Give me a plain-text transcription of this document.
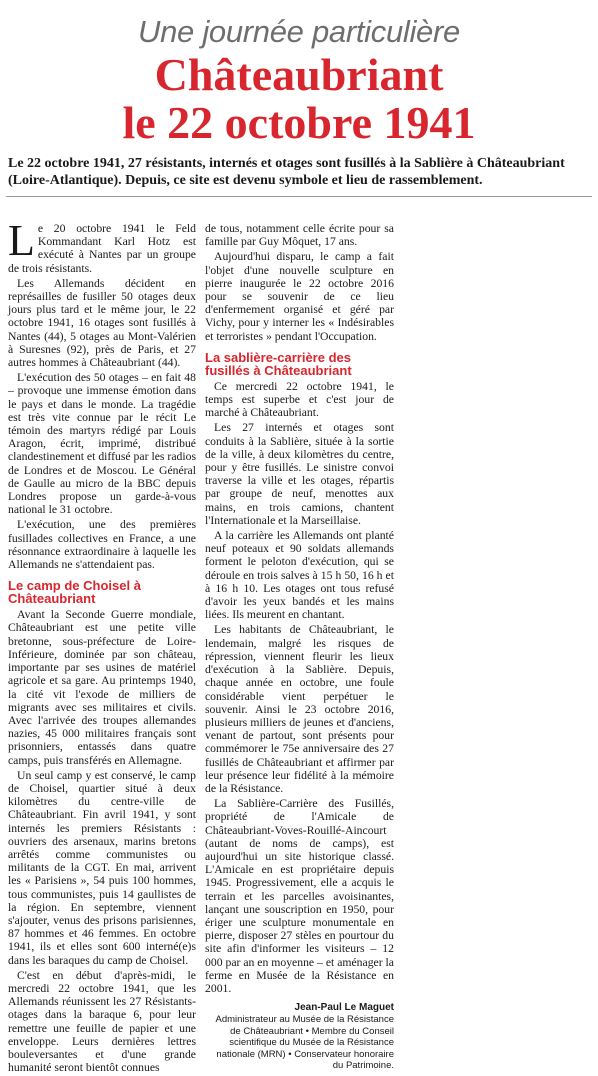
Une journée particulière
Châteaubriant
le 22 octobre 1941
Le 22 octobre 1941, 27 résistants, internés et otages sont fusillés à la Sablière à Châteaubriant (Loire-Atlantique). Depuis, ce site est devenu symbole et lieu de rassemblement.

Le 20 octobre 1941 le Feld Kommandant Karl Hotz est exécuté à Nantes par un groupe de trois résistants.

Les Allemands décident en représailles de fusiller 50 otages deux jours plus tard et le même jour, le 22 octobre 1941, 16 otages sont fusillés à Nantes (44), 5 otages au Mont-Valérien à Suresnes (92), près de Paris, et 27 autres hommes à Châteaubriant (44).

L'exécution des 50 otages – en fait 48 – provoque une immense émotion dans le pays et dans le monde. La tragédie est très vite connue par le récit Le témoin des martyrs rédigé par Louis Aragon, écrit, imprimé, distribué clandestinement et diffusé par les radios de Londres et de Moscou. Le Général de Gaulle au micro de la BBC depuis Londres propose un garde-à-vous national le 31 octobre.

L'exécution, une des premières fusillades collectives en France, a une résonnance extraordinaire à laquelle les Allemands ne s'attendaient pas.

Le camp de Choisel à Châteaubriant

Avant la Seconde Guerre mondiale, Châteaubriant est une petite ville bretonne, sous-préfecture de Loire-Inférieure, dominée par son château, importante par ses usines de matériel agricole et sa gare. Au printemps 1940, la cité vit l'exode de milliers de migrants avec ses militaires et civils. Avec l'arrivée des troupes allemandes nazies, 45 000 militaires français sont prisonniers, entassés dans quatre camps, puis transférés en Allemagne.

Un seul camp y est conservé, le camp de Choisel, quartier situé à deux kilomètres du centre-ville de Châteaubriant. Fin avril 1941, y sont internés les premiers Résistants : ouvriers des arsenaux, marins bretons arrêtés comme communistes ou militants de la CGT. En mai, arrivent les « Parisiens », 54 puis 100 hommes, tous communistes, puis 14 gaullistes de la région. En septembre, viennent s'ajouter, venus des prisons parisiennes, 87 hommes et 46 femmes. En octobre 1941, ils et elles sont 600 interné(e)s dans les baraques du camp de Choisel.

C'est en début d'après-midi, le mercredi 22 octobre 1941, que les Allemands réunissent les 27 Résistants-otages dans la baraque 6, pour leur remettre une feuille de papier et une enveloppe. Leurs dernières lettres bouleversantes et d'une grande humanité seront bientôt connues

de tous, notamment celle écrite pour sa famille par Guy Môquet, 17 ans.

Aujourd'hui disparu, le camp a fait l'objet d'une nouvelle sculpture en pierre inaugurée le 22 octobre 2016 pour se souvenir de ce lieu d'enfermement organisé et géré par Vichy, pour y interner les « Indésirables et terroristes » pendant l'Occupation.

La sablière-carrière des fusillés à Châteaubriant

Ce mercredi 22 octobre 1941, le temps est superbe et c'est jour de marché à Châteaubriant.

Les 27 internés et otages sont conduits à la Sablière, située à la sortie de la ville, à deux kilomètres du centre, pour y être fusillés. Le sinistre convoi traverse la ville et les otages, répartis par groupe de neuf, menottes aux mains, en trois camions, chantent l'Internationale et la Marseillaise.

A la carrière les Allemands ont planté neuf poteaux et 90 soldats allemands forment le peloton d'exécution, qui se déroule en trois salves à 15 h 50, 16 h et à 16 h 10. Les otages ont tous refusé d'avoir les yeux bandés et les mains liées. Ils meurent en chantant.

Les habitants de Châteaubriant, le lendemain, malgré les risques de répression, viennent fleurir les lieux d'exécution à la Sablière. Depuis, chaque année en octobre, une foule considérable vient perpétuer le souvenir. Ainsi le 23 octobre 2016, plusieurs milliers de jeunes et d'anciens, venant de partout, sont présents pour commémorer le 75e anniversaire des 27 fusillés de Châteaubriant et affirmer par leur présence leur fidélité à la mémoire de la Résistance.

La Sablière-Carrière des Fusillés, propriété de l'Amicale de Châteaubriant-Voves-Rouillé-Aincourt (autant de noms de camps), est aujourd'hui un site historique classé. L'Amicale en est propriétaire depuis 1945. Progressivement, elle a acquis le terrain et les parcelles avoisinantes, lançant une souscription en 1950, pour ériger une sculpture monumentale en pierre, disposer 27 stèles en pourtour du site afin d'informer les visiteurs – 12 000 par an en moyenne – et aménager la ferme en Musée de la Résistance en 2001.

Jean-Paul Le Maguet
Administrateur au Musée de la Résistance de Châteaubriant • Membre du Conseil scientifique du Musée de la Résistance nationale (MRN) • Conservateur honoraire du Patrimoine.
